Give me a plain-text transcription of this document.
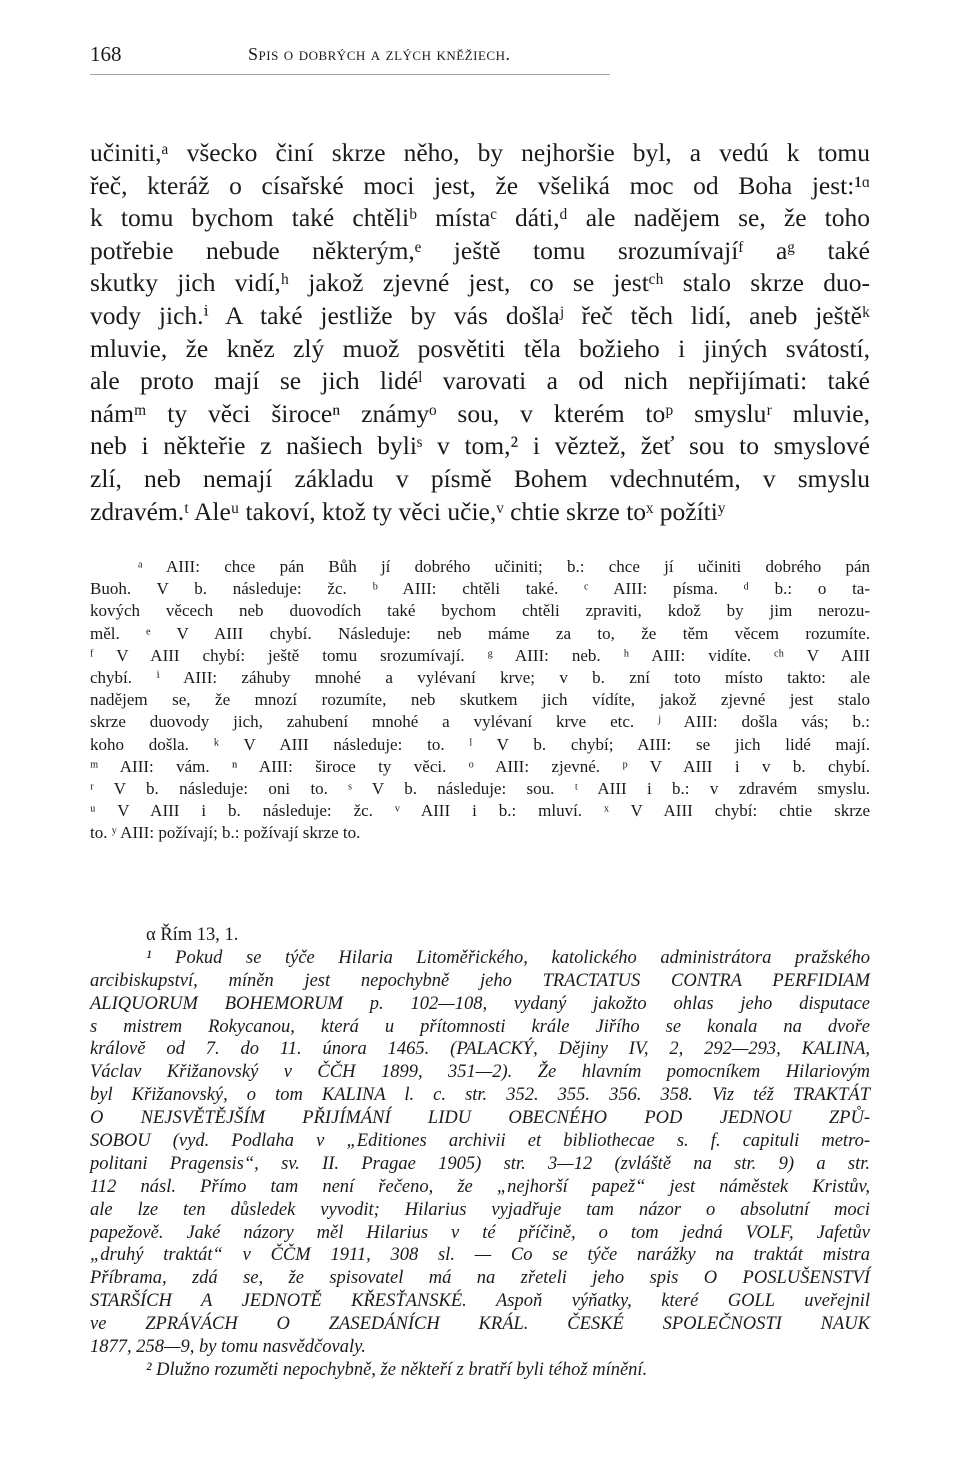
168	Spis o dobrých a zlých kněžiech.
učiniti,ᵃ všecko činí skrze něho, by nejhoršie byl, a vedú k tomu
řeč, kteráž o císařské moci jest, že všeliká moc od Boha jest:¹ᵅ
k tomu bychom také chtěliᵇ místaᶜ dáti,ᵈ ale nadějem se, že toho
potřebie nebude některým,ᵉ ještě tomu srozumívajíᶠ aᵍ také
skutky jich vidí,ʰ jakož zjevné jest, co se jestᶜʰ stalo skrze duo-
vody jich.ⁱ A také jestliže by vás došlaʲ řeč těch lidí, aneb ještěᵏ
mluvie, že kněz zlý muož posvětiti těla božieho i jiných svátostí,
ale proto mají se jich lidéˡ varovati a od nich nepřijímati: také
námᵐ ty věci široceⁿ známyᵒ sou, v kterém toᵖ smysluʳ mluvie,
neb i někteřie z našiech byliˢ v tom,² i věztež, žeť sou to smyslové
zlí, neb nemají základu v písmě Bohem vdechnutém, v smyslu
zdravém.ᵗ Aleᵘ takoví, ktož ty věci učie,ᵛ chtie skrze toˣ požítiʸ
ᵃ AIII: chce pán Bůh jí dobrého učiniti; b.: chce jí učiniti dobrého pán
Buoh. V b. následuje: žc. ᵇ AIII: chtěli také. ᶜ AIII: písma. ᵈ b.: o ta-
kových věcech neb duovodích také bychom chtěli zpraviti, kdož by jim nerozu-
měl. ᵉ V AIII chybí. Následuje: neb máme za to, že těm věcem rozumíte.
ᶠ V AIII chybí: ještě tomu srozumívají. ᵍ AIII: neb. ʰ AIII: vidíte. ᶜʰ V AIII
chybí. ⁱ AIII: záhuby mnohé a vylévaní krve; v b. zní toto místo takto: ale
nadějem se, že mnozí rozumíte, neb skutkem jich vídíte, jakož zjevné jest stalo
skrze duovody jich, zahubení mnohé a vylévaní krve etc. ʲ AIII: došla vás; b.:
koho došla. ᵏ V AIII následuje: to. ˡ V b. chybí; AIII: se jich lidé mají.
ᵐ AIII: vám. ⁿ AIII: široce ty věci. ᵒ AIII: zjevné. ᵖ V AIII i v b. chybí.
ʳ V b. následuje: oni to. ˢ V b. následuje: sou. ᵗ AIII i b.: v zdravém smyslu.
ᵘ V AIII i b. následuje: žc. ᵛ AIII i b.: mluví. ˣ V AIII chybí: chtie skrze
to. ʸ AIII: požívají; b.: požívají skrze to.
α Řím 13, 1.
¹ Pokud se týče Hilaria Litoměřického, katolického administrátora pražského
arcibiskupství, míněn jest nepochybně jeho TRACTATUS CONTRA PERFIDIAM
ALIQUORUM BOHEMORUM p. 102—108, vydaný jakožto ohlas jeho disputace
s mistrem Rokycanou, která u přítomnosti krále Jiřího se konala na dvoře
královĕ od 7. do 11. února 1465. (PALACKÝ, Dějiny IV, 2, 292—293, KALINA,
Václav Křižanovský v ČČH 1899, 351—2). Že hlavním pomocníkem Hilariovým
byl Křižanovský, o tom KALINA l. c. str. 352. 355. 356. 358. Viz též TRAKTÁT
O NEJSVĚTĚJŠÍM PŘIJÍMÁNÍ LIDU OBECNÉHO POD JEDNOU ZPŮ-
SOBOU (vyd. Podlaha v „Editiones archivii et bibliothecae s. f. capituli metro-
politani Pragensis“, sv. II. Pragae 1905) str. 3—12 (zvláště na str. 9) a str.
112 násl. Přímo tam není řečeno, že „nejhorší papež“ jest náměstek Kristův,
ale lze ten důsledek vyvodit; Hilarius vyjadřuje tam názor o absolutní moci
papežově. Jaké názory měl Hilarius v té příčině, o tom jedná VOLF, Jafetův
„druhý traktát“ v ČČM 1911, 308 sl. — Co se týče narážky na traktát mistra
Příbrama, zdá se, že spisovatel má na zřeteli jeho spis O POSLUŠENSTVÍ
STARŠÍCH A JEDNOTĚ KŘESŤANSKÉ. Aspoň výňatky, které GOLL uveřejnil
ve ZPRÁVÁCH O ZASEDÁNÍCH KRÁL. ČESKÉ SPOLEČNOSTI NAUK
1877, 258—9, by tomu nasvědčovaly.
² Dlužno rozuměti nepochybně, že někteří z bratří byli téhož mínění.
